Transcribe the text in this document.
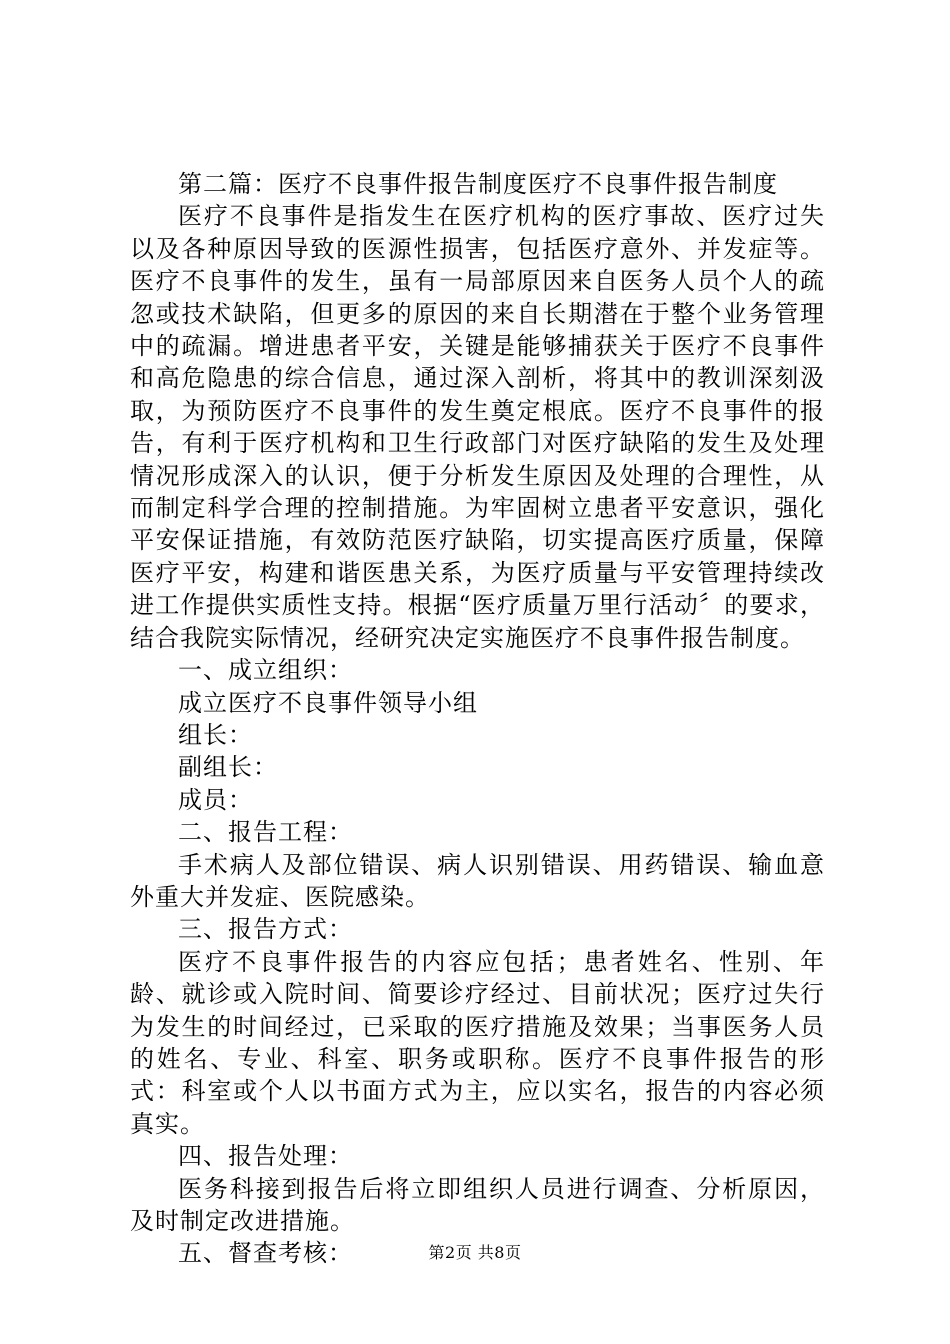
第二篇：医疗不良事件报告制度医疗不良事件报告制度

医疗不良事件是指发生在医疗机构的医疗事故、医疗过失以及各种原因导致的医源性损害，包括医疗意外、并发症等。医疗不良事件的发生，虽有一局部原因来自医务人员个人的疏忽或技术缺陷，但更多的原因的来自长期潜在于整个业务管理中的疏漏。增进患者平安，关键是能够捕获关于医疗不良事件和高危隐患的综合信息，通过深入剖析，将其中的教训深刻汲取，为预防医疗不良事件的发生奠定根底。医疗不良事件的报告，有利于医疗机构和卫生行政部门对医疗缺陷的发生及处理情况形成深入的认识，便于分析发生原因及处理的合理性，从而制定科学合理的控制措施。为牢固树立患者平安意识，强化平安保证措施，有效防范医疗缺陷，切实提高医疗质量，保障医疗平安，构建和谐医患关系，为医疗质量与平安管理持续改进工作提供实质性支持。根据“医疗质量万里行活动〞的要求，结合我院实际情况，经研究决定实施医疗不良事件报告制度。

一、成立组织：

成立医疗不良事件领导小组

组长：

副组长：

成员：

二、报告工程：

手术病人及部位错误、病人识别错误、用药错误、输血意外重大并发症、医院感染。

三、报告方式：

医疗不良事件报告的内容应包括；患者姓名、性别、年龄、就诊或入院时间、简要诊疗经过、目前状况；医疗过失行为发生的时间经过，已采取的医疗措施及效果；当事医务人员的姓名、专业、科室、职务或职称。医疗不良事件报告的形式：科室或个人以书面方式为主，应以实名，报告的内容必须真实。

四、报告处理：

医务科接到报告后将立即组织人员进行调查、分析原因，及时制定改进措施。

五、督查考核：	第2页 共8页
